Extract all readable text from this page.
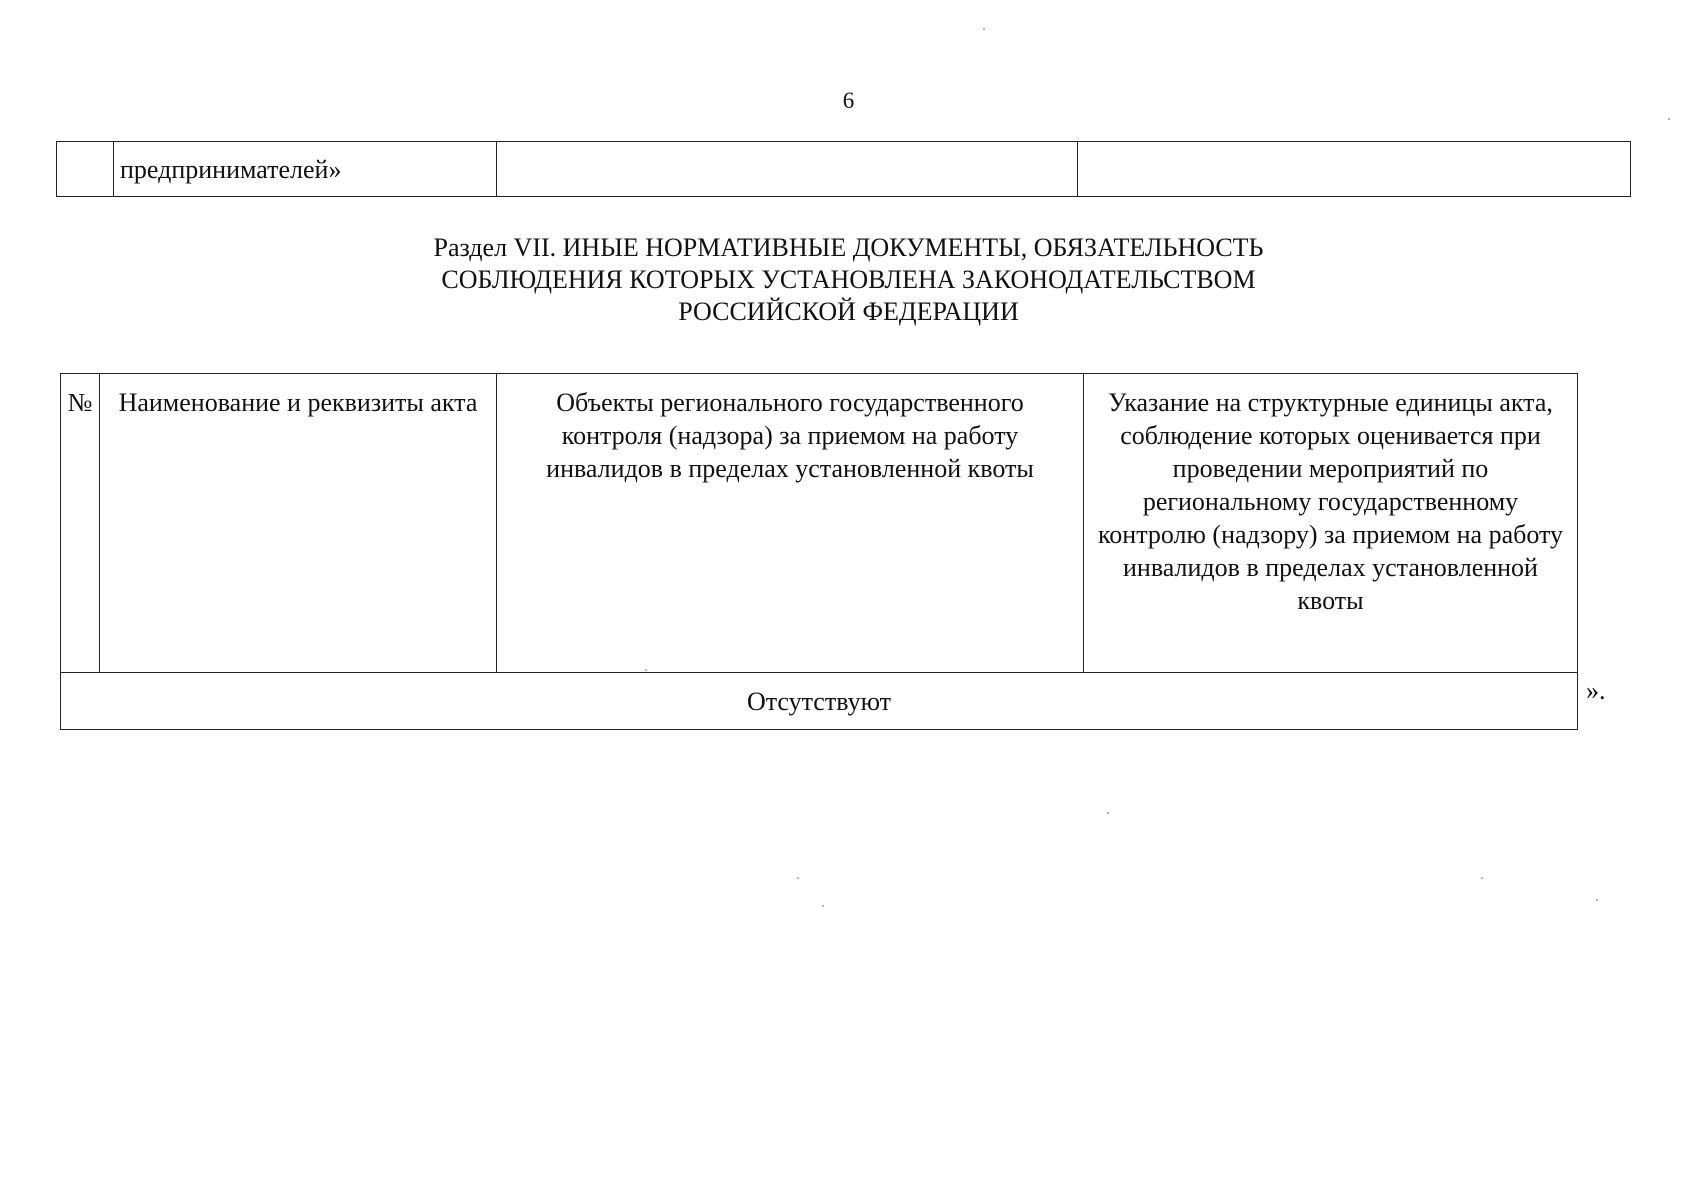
6
	предпринимателей»		
Раздел VII. ИНЫЕ НОРМАТИВНЫЕ ДОКУМЕНТЫ, ОБЯЗАТЕЛЬНОСТЬ
СОБЛЮДЕНИЯ КОТОРЫХ УСТАНОВЛЕНА ЗАКОНОДАТЕЛЬСТВОМ
РОССИЙСКОЙ ФЕДЕРАЦИИ
№	Наименование и реквизиты акта	Объекты регионального государственного контроля (надзора) за приемом на работу инвалидов в пределах установленной квоты	Указание на структурные единицы акта, соблюдение которых оценивается при проведении мероприятий по региональному государственному контролю (надзору) за приемом на работу инвалидов в пределах установленной квоты
Отсутствуют	».
